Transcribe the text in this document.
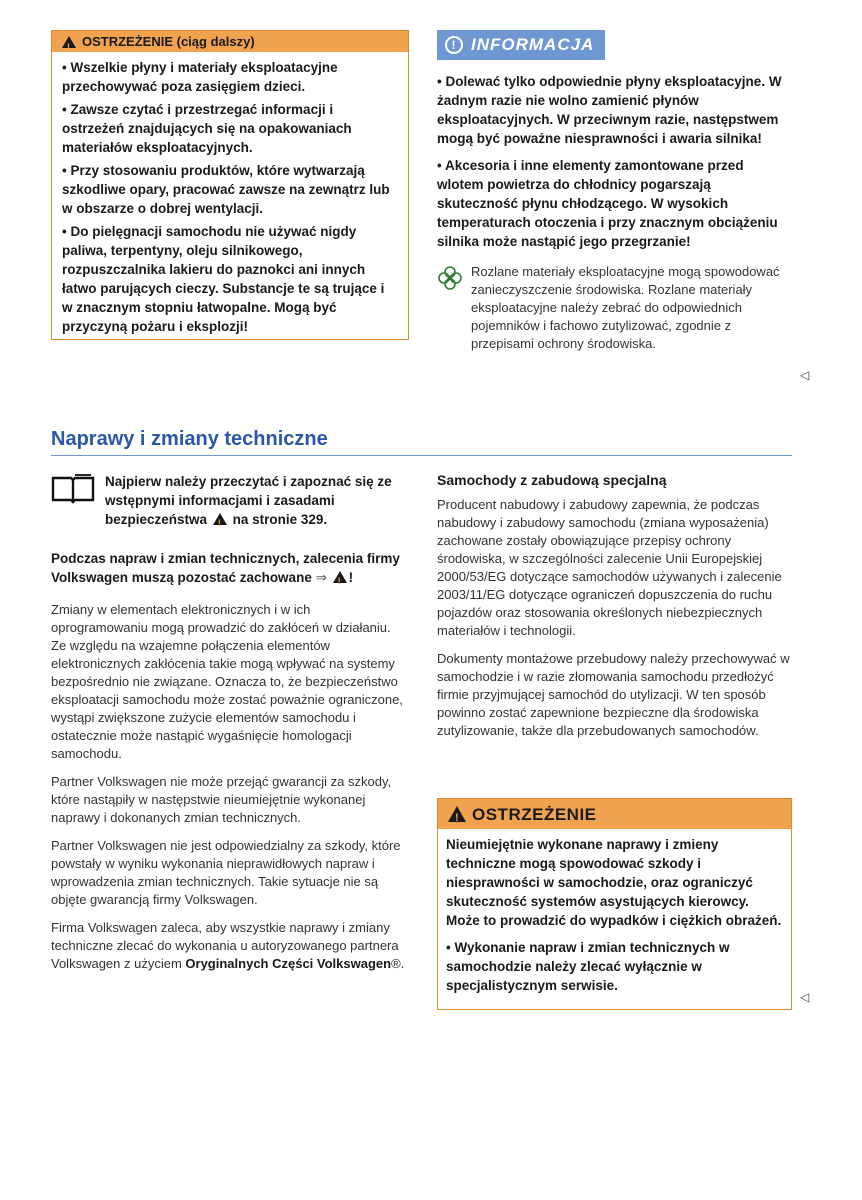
!
OSTRZEŻENIE (ciąg dalszy)

• Wszelkie płyny i materiały eksploatacyjne przechowywać poza zasięgiem dzieci.

• Zawsze czytać i przestrzegać informacji i ostrzeżeń znajdujących się na opakowaniach materiałów eksploatacyjnych.

• Przy stosowaniu produktów, które wytwarzają szkodliwe opary, pracować zawsze na zewnątrz lub w obszarze o dobrej wentylacji.

• Do pielęgnacji samochodu nie używać nigdy paliwa, terpentyny, oleju silnikowego, rozpuszczalnika lakieru do paznokci ani innych łatwo parujących cieczy. Substancje te są trujące i w znacznym stopniu łatwopalne. Mogą być przyczyną pożaru i eksplozji!

! INFORMACJA

• Dolewać tylko odpowiednie płyny eksploatacyjne. W żadnym razie nie wolno zamienić płynów eksploatacyjnych. W przeciwnym razie, następstwem mogą być poważne niesprawności i awaria silnika!

• Akcesoria i inne elementy zamontowane przed wlotem powietrza do chłodnicy pogarszają skuteczność płynu chłodzącego. W wysokich temperaturach otoczenia i przy znacznym obciążeniu silnika może nastąpić jego przegrzanie!

Rozlane materiały eksploatacyjne mogą spowodować zanieczyszczenie środowiska. Rozlane materiały eksploatacyjne należy zebrać do odpowiednich pojemników i fachowo zutylizować, zgodnie z przepisami ochrony środowiska.

◁
Naprawy i zmiany techniczne
Najpierw należy przeczytać i zapoznać się ze wstępnymi informacjami i zasadami bezpieczeństwa ! na stronie 329.
Podczas napraw i zmian technicznych, zalecenia firmy Volkswagen muszą pozostać zachowane ⇒ ! !

Zmiany w elementach elektronicznych i w ich oprogramowaniu mogą prowadzić do zakłóceń w działaniu. Ze względu na wzajemne połączenia elementów elektronicznych zakłócenia takie mogą wpływać na systemy bezpośrednio nie związane. Oznacza to, że bezpieczeństwo eksploatacji samochodu może zostać poważnie ograniczone, wystąpi zwiększone zużycie elementów samochodu i ostatecznie może nastąpić wygaśnięcie homologacji samochodu.

Partner Volkswagen nie może przejąć gwarancji za szkody, które nastąpiły w następstwie nieumiejętnie wykonanej naprawy i dokonanych zmian technicznych.

Partner Volkswagen nie jest odpowiedzialny za szkody, które powstały w wyniku wykonania nieprawidłowych napraw i wprowadzenia zmian technicznych. Takie sytuacje nie są objęte gwarancją firmy Volkswagen.

Firma Volkswagen zaleca, aby wszystkie naprawy i zmiany techniczne zlecać do wykonania u autoryzowanego partnera Volkswagen z użyciem Oryginalnych Części Volkswagen®.

Samochody z zabudową specjalną

Producent nabudowy i zabudowy zapewnia, że podczas nabudowy i zabudowy samochodu (zmiana wyposażenia) zachowane zostały obowiązujące przepisy ochrony środowiska, w szczególności zalecenie Unii Europejskiej 2000/53/EG dotyczące samochodów używanych i zalecenie 2003/11/EG dotyczące ograniczeń dopuszczenia do ruchu pojazdów oraz stosowania określonych niebezpiecznych materiałów i technologii.

Dokumenty montażowe przebudowy należy przechowywać w samochodzie i w razie złomowania samochodu przedłożyć firmie przyjmującej samochód do utylizacji. W ten sposób powinno zostać zapewnione bezpieczne dla środowiska zutylizowanie, także dla przebudowanych samochodów.

!
OSTRZEŻENIE

Nieumiejętnie wykonane naprawy i zmieny techniczne mogą spowodować szkody i niesprawności w samochodzie, oraz ograniczyć skuteczność systemów asystujących kierowcy. Może to prowadzić do wypadków i ciężkich obrażeń.

• Wykonanie napraw i zmian technicznych w samochodzie należy zlecać wyłącznie w specjalistycznym serwisie.

◁
